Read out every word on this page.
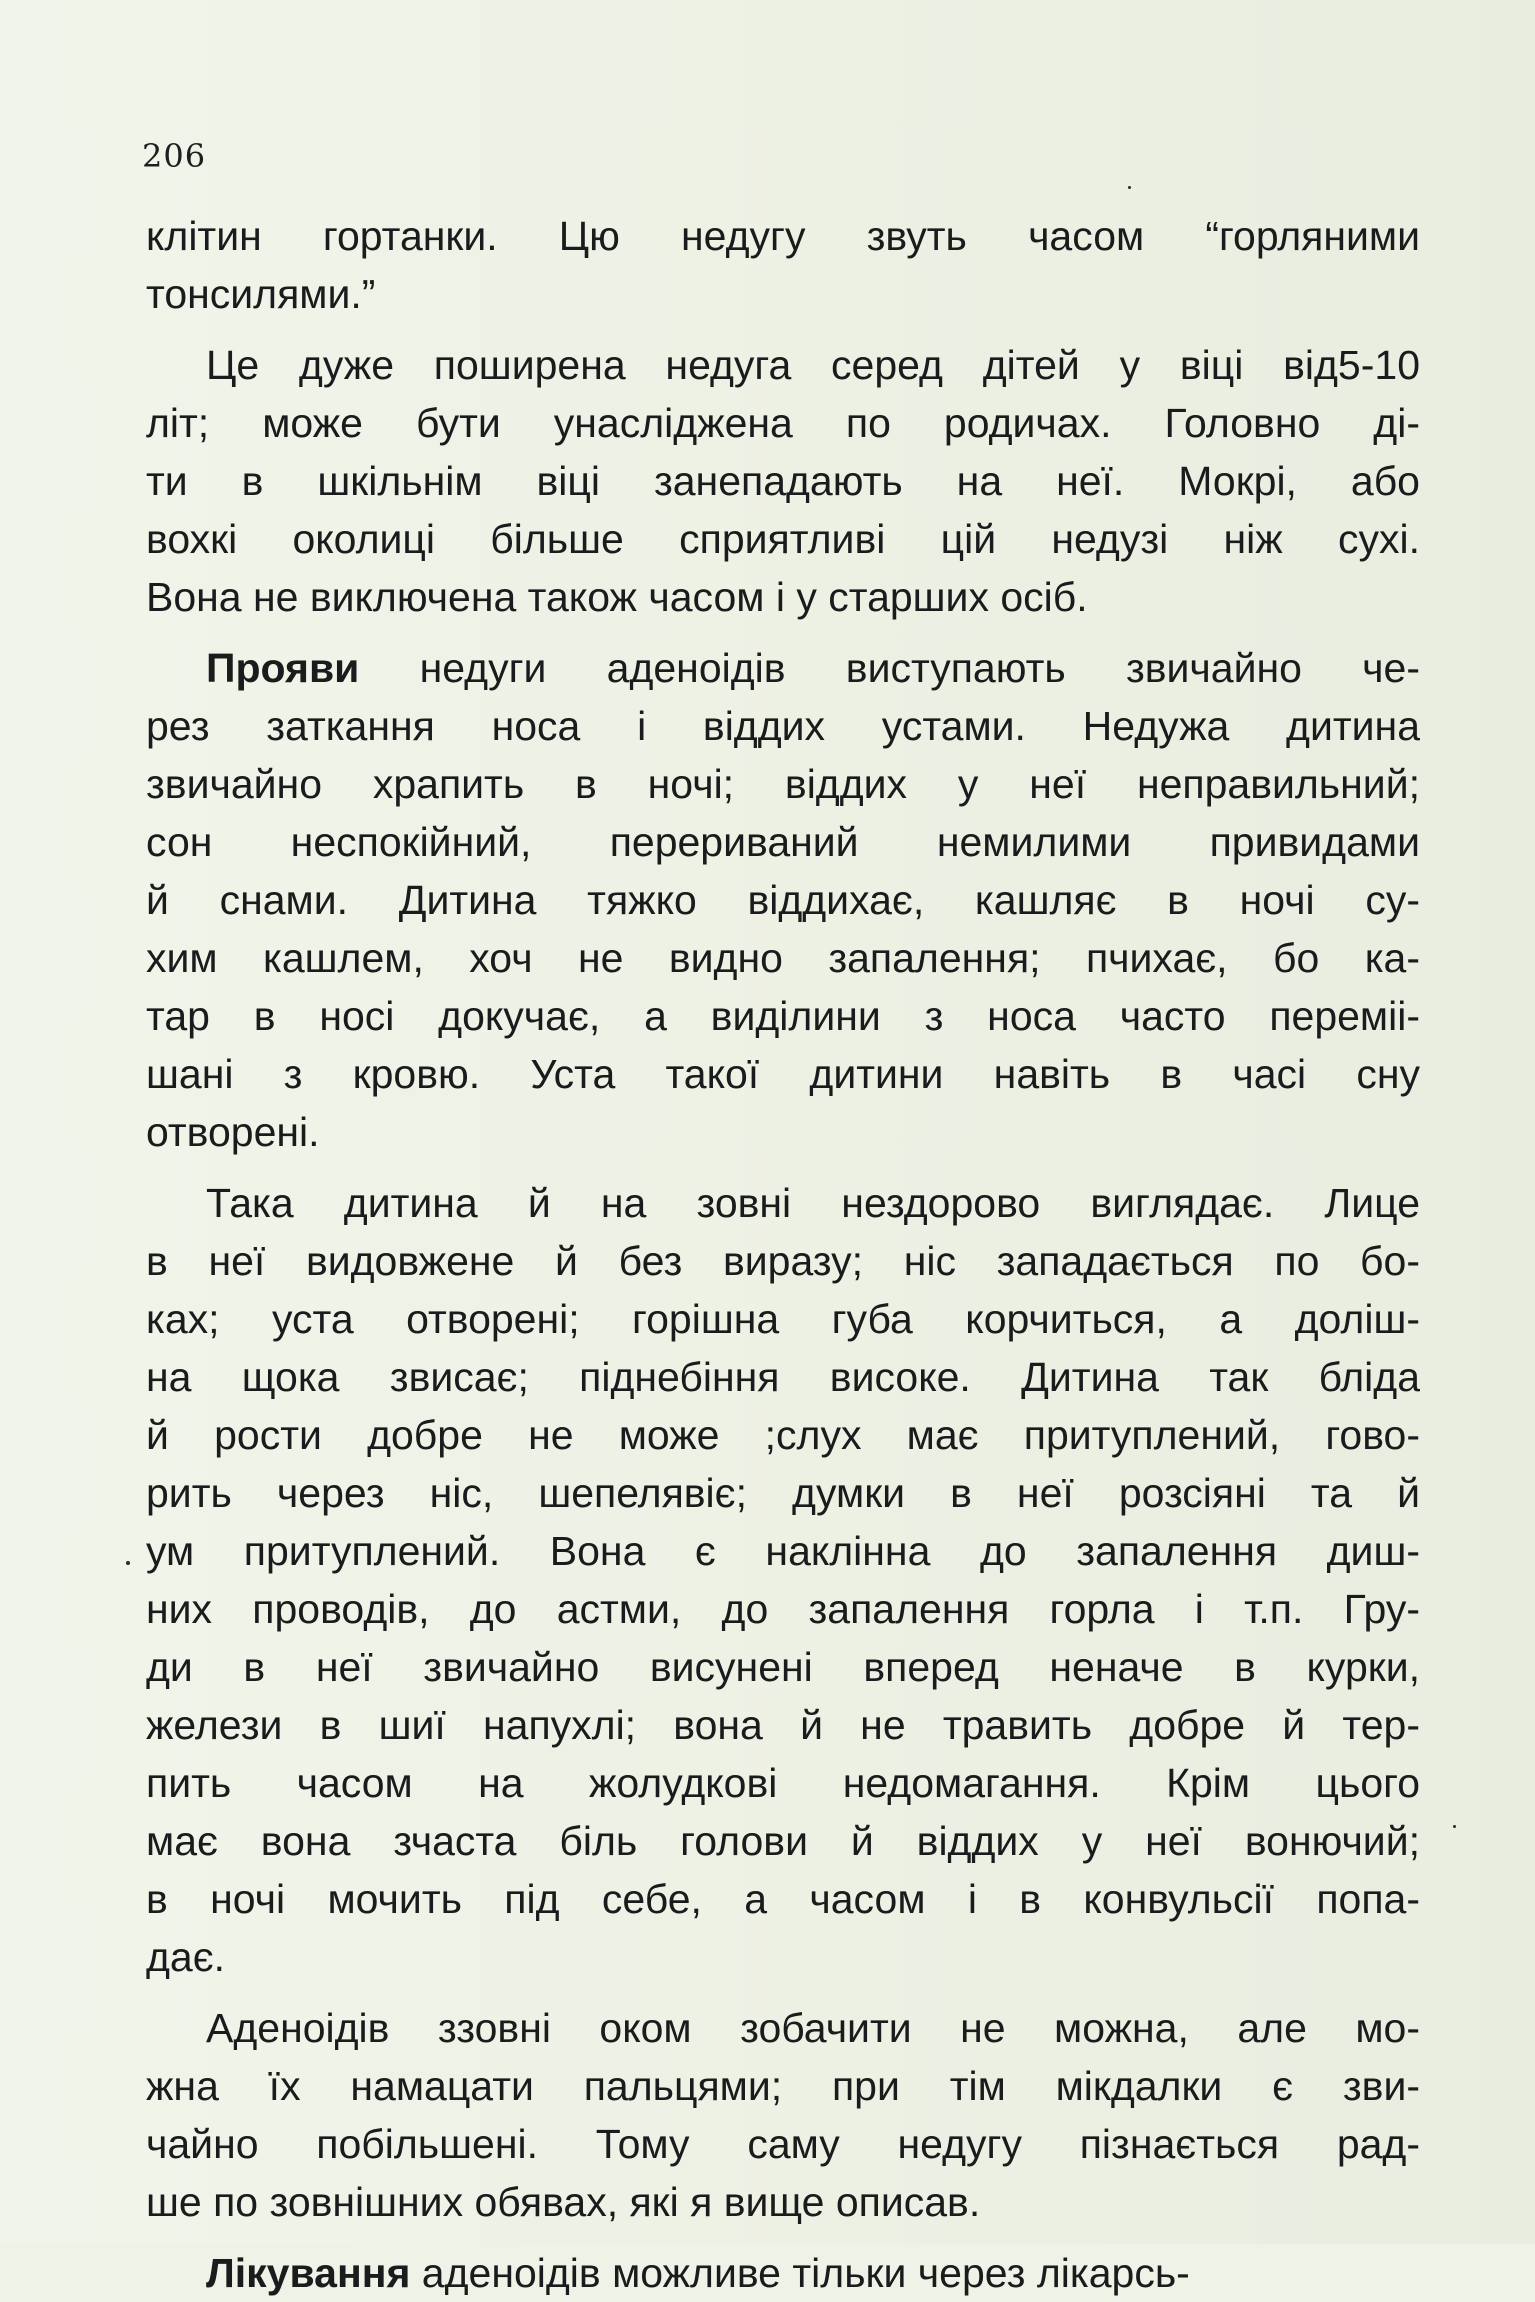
206

клітин гортанки. Цю недугу звуть часом “горляними
тонсилями.”

Це дуже поширена недуга серед дітей у віці від5-10
літ; може бути унасліджена по родичах. Головно ді-
ти в шкільнім віці занепадають на неї. Мокрі, або
вохкі околиці більше сприятливі цій недузі ніж сухі.
Вона не виключена також часом і у старших осіб.

Прояви недуги аденоідів виступають звичайно че-
рез заткання носа і віддих устами. Недужа дитина
звичайно храпить в ночі; віддих у неї неправильний;
сон неспокійний, перериваний немилими привидами
й снами. Дитина тяжко віддихає, кашляє в ночі су-
хим кашлем, хоч не видно запалення; пчихає, бо ка-
тар в носі докучає, а виділини з носа часто переміі-
шані з кровю. Уста такої дитини навіть в часі сну
отворені.

Така дитина й на зовні нездорово виглядає. Лице
в неї видовжене й без виразу; ніс западається по бо-
ках; уста отворені; горішна губа корчиться, а доліш-
на щока звисає; піднебіння високе. Дитина так бліда
й рости добре не може ;слух має притуплений, гово-
рить через ніс, шепелявіє; думки в неї розсіяні та й
ум притуплений. Вона є наклінна до запалення диш-
них проводів, до астми, до запалення горла і т.п. Гру-
ди в неї звичайно висунені вперед неначе в курки,
желези в шиї напухлі; вона й не травить добре й тер-
пить часом на жолудкові недомагання. Крім цього
має вона зчаста біль голови й віддих у неї вонючий;
в ночі мочить під себе, а часом і в конвульсії попа-
дає.

Аденоідів ззовні оком зобачити не можна, але мо-
жна їх намацати пальцями; при тім мікдалки є зви-
чайно побільшені. Тому саму недугу пізнається рад-
ше по зовнішних обявах, які я вище описав.

Лікування аденоідів можливе тільки через лікарсь-
